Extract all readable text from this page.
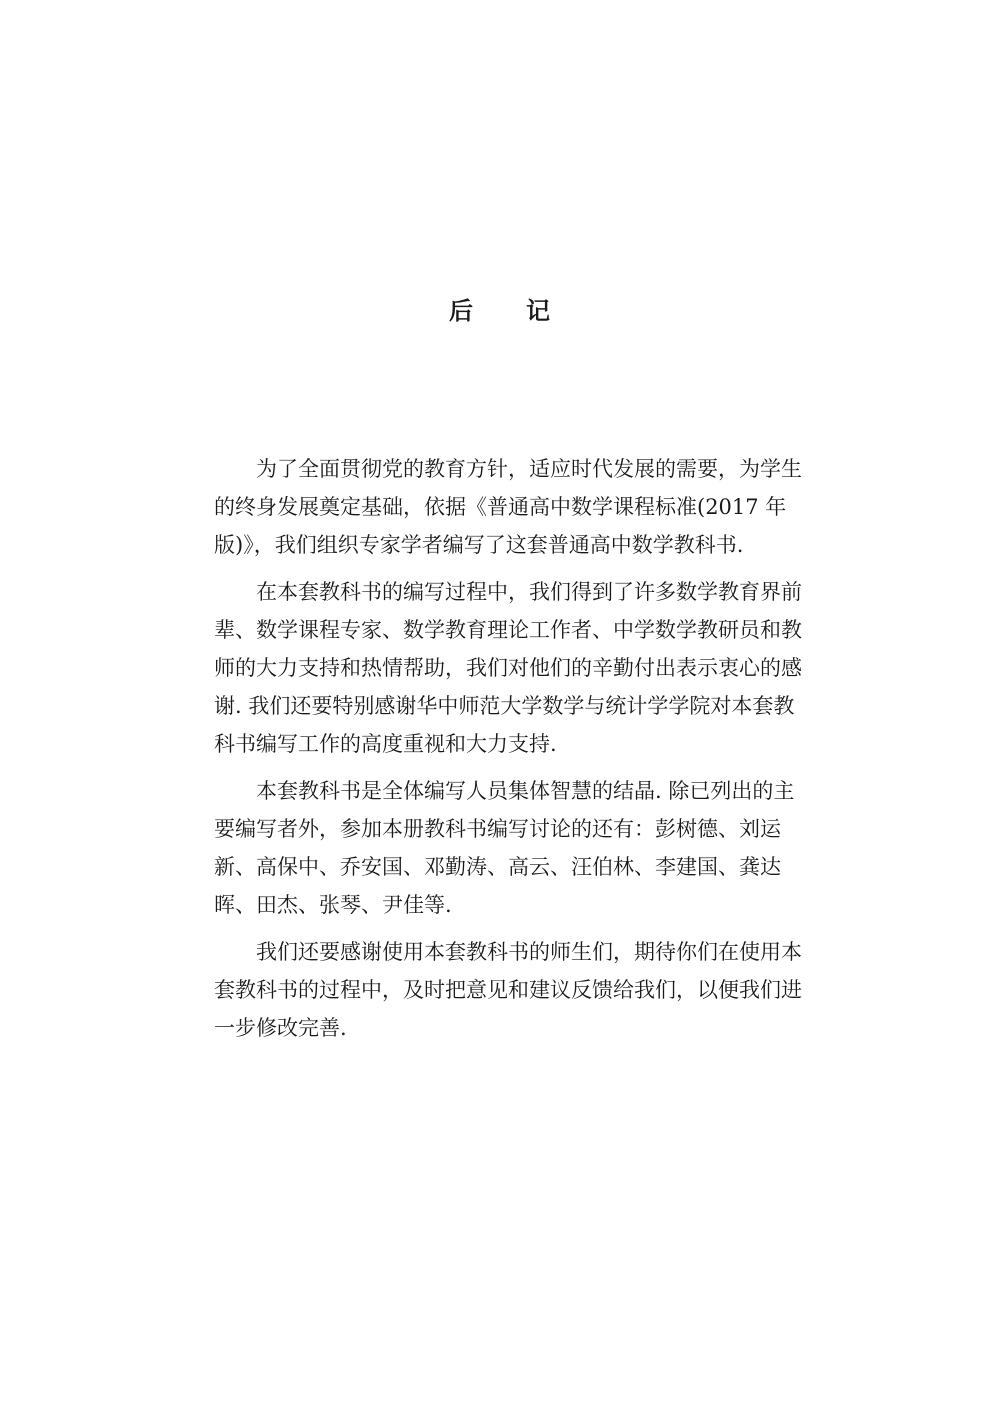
后 记
为了全面贯彻党的教育方针，适应时代发展的需要，为学生
的终身发展奠定基础，依据《普通高中数学课程标准(2017 年
版)》，我们组织专家学者编写了这套普通高中数学教科书.
在本套教科书的编写过程中，我们得到了许多数学教育界前
辈、数学课程专家、数学教育理论工作者、中学数学教研员和教
师的大力支持和热情帮助，我们对他们的辛勤付出表示衷心的感
谢. 我们还要特别感谢华中师范大学数学与统计学学院对本套教
科书编写工作的高度重视和大力支持.
本套教科书是全体编写人员集体智慧的结晶. 除已列出的主
要编写者外，参加本册教科书编写讨论的还有：彭树德、刘运
新、高保中、乔安国、邓勤涛、高云、汪伯林、李建国、龚达
晖、田杰、张琴、尹佳等.
我们还要感谢使用本套教科书的师生们，期待你们在使用本
套教科书的过程中，及时把意见和建议反馈给我们，以便我们进
一步修改完善.
